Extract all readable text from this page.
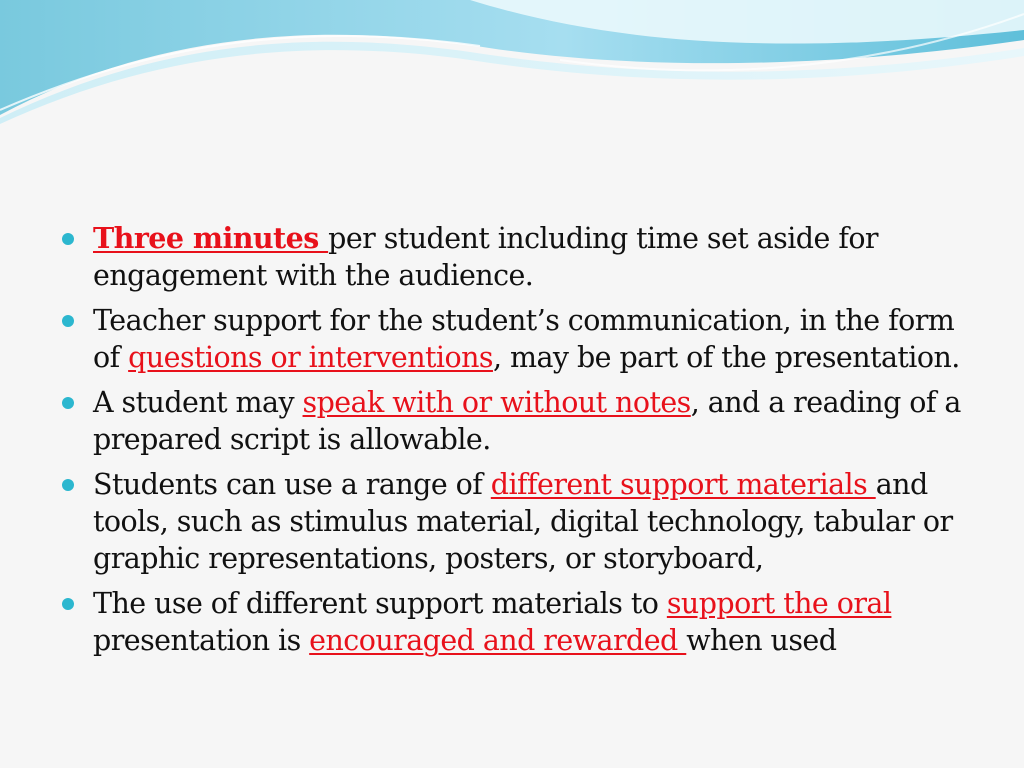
Three minutes per student including time set aside for engagement with the audience.
Teacher support for the student’s communication, in the form of questions or interventions, may be part of the presentation.
A student may speak with or without notes, and a reading of a prepared script is allowable.
Students can use a range of different support materials and tools, such as stimulus material, digital technology, tabular or graphic representations, posters, or storyboard,
The use of different support materials to support the oral presentation is encouraged and rewarded when used
